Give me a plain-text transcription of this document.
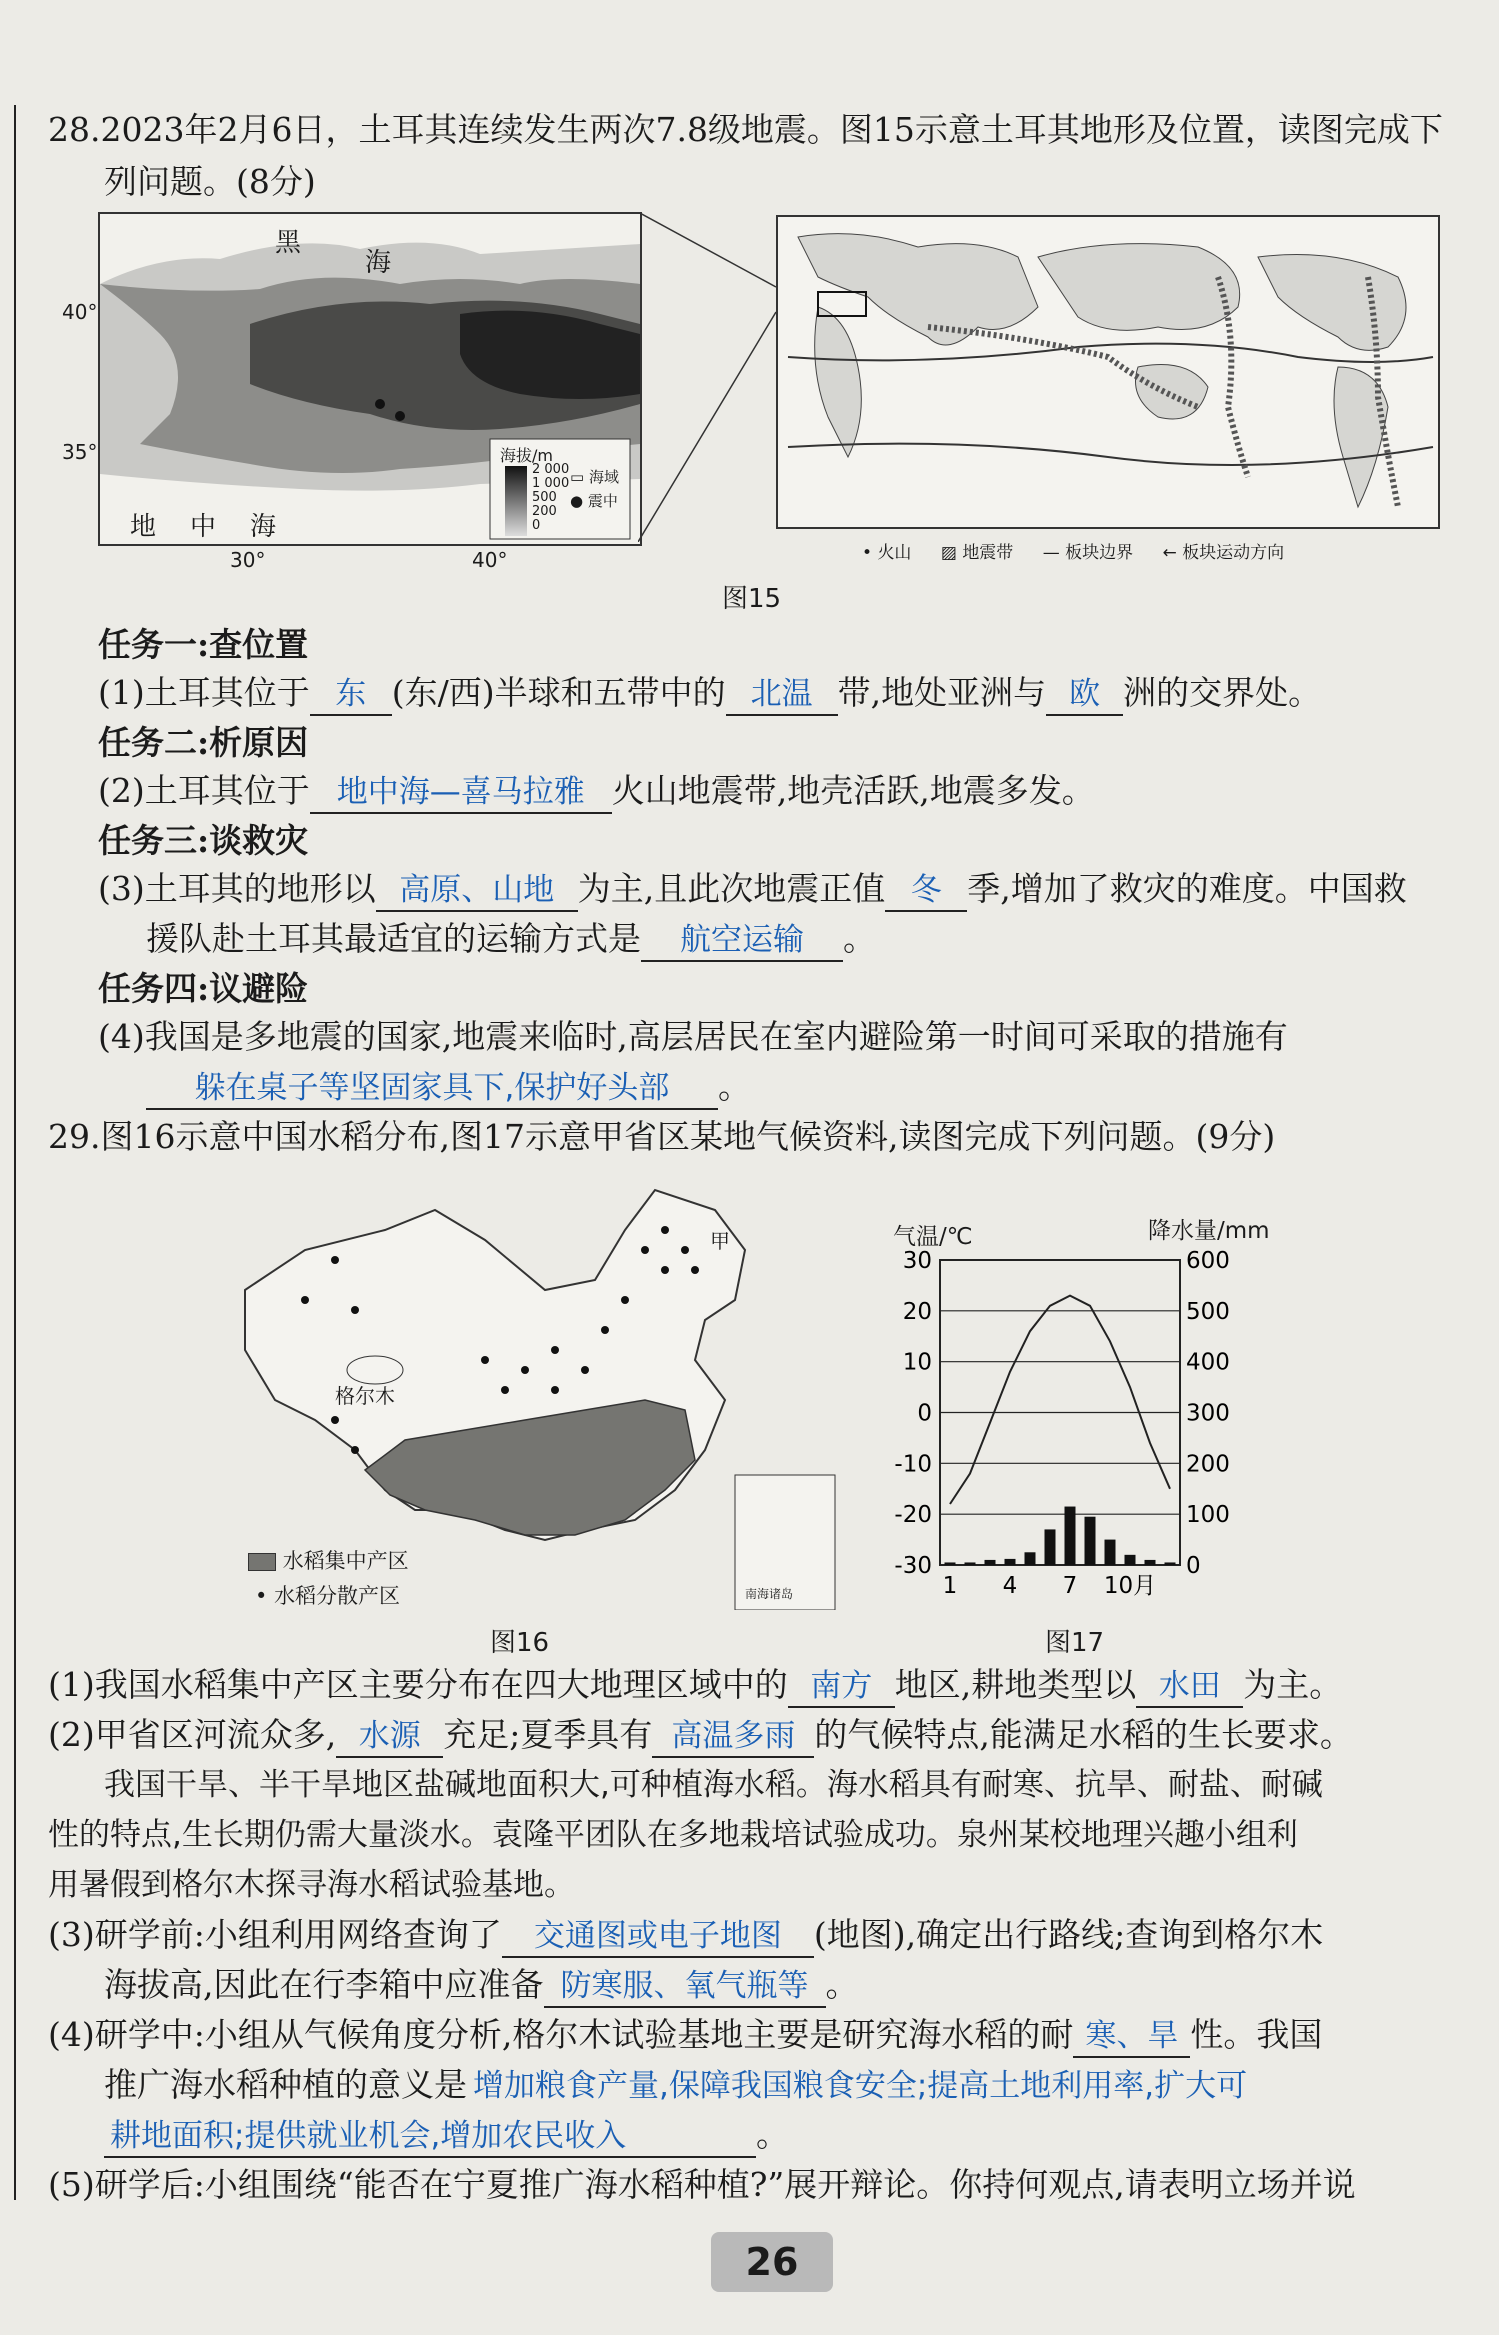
28.2023年2月6日，土耳其连续发生两次7.8级地震。图15示意土耳其地形及位置，读图完成下
列问题。(8分)
黑
海
地 中 海
海拔/m
2 000
1 000
500
200
0
▭ 海域
● 震中
40°
35°
30°	40°	• 火山 ▨ 地震带 — 板块边界 ← 板块运动方向
图15
任务一:查位置
(1)土耳其位于 东 (东/西)半球和五带中的 北温 带,地处亚洲与 欧 洲的交界处。
任务二:析原因
(2)土耳其位于 地中海—喜马拉雅 火山地震带,地壳活跃,地震多发。
任务三:谈救灾
(3)土耳其的地形以 高原、山地 为主,且此次地震正值 冬 季,增加了救灾的难度。中国救
援队赴土耳其最适宜的运输方式是 航空运输 。
任务四:议避险
(4)我国是多地震的国家,地震来临时,高层居民在室内避险第一时间可采取的措施有
躲在桌子等坚固家具下,保护好头部 。
29.图16示意中国水稻分布,图17示意甲省区某地气候资料,读图完成下列问题。(9分)
甲
格尔木
南海诸岛
水稻集中产区
• 水稻分散产区
图16
30
20
10
0
-10
-20
-30
600
500
400
300
200
100
0
1 4 7 10月
气温/℃	降水量/mm
图17
(1)我国水稻集中产区主要分布在四大地理区域中的 南方 地区,耕地类型以 水田 为主。
(2)甲省区河流众多, 水源 充足;夏季具有 高温多雨 的气候特点,能满足水稻的生长要求。
我国干旱、半干旱地区盐碱地面积大,可种植海水稻。海水稻具有耐寒、抗旱、耐盐、耐碱
性的特点,生长期仍需大量淡水。袁隆平团队在多地栽培试验成功。泉州某校地理兴趣小组利
用暑假到格尔木探寻海水稻试验基地。
(3)研学前:小组利用网络查询了 交通图或电子地图 (地图),确定出行路线;查询到格尔木
海拔高,因此在行李箱中应准备 防寒服、氧气瓶等 。
(4)研学中:小组从气候角度分析,格尔木试验基地主要是研究海水稻的耐 寒、旱 性。我国
推广海水稻种植的意义是 增加粮食产量,保障我国粮食安全;提高土地利用率,扩大可
耕地面积;提供就业机会,增加农民收入	。
(5)研学后:小组围绕“能否在宁夏推广海水稻种植?”展开辩论。你持何观点,请表明立场并说
26
